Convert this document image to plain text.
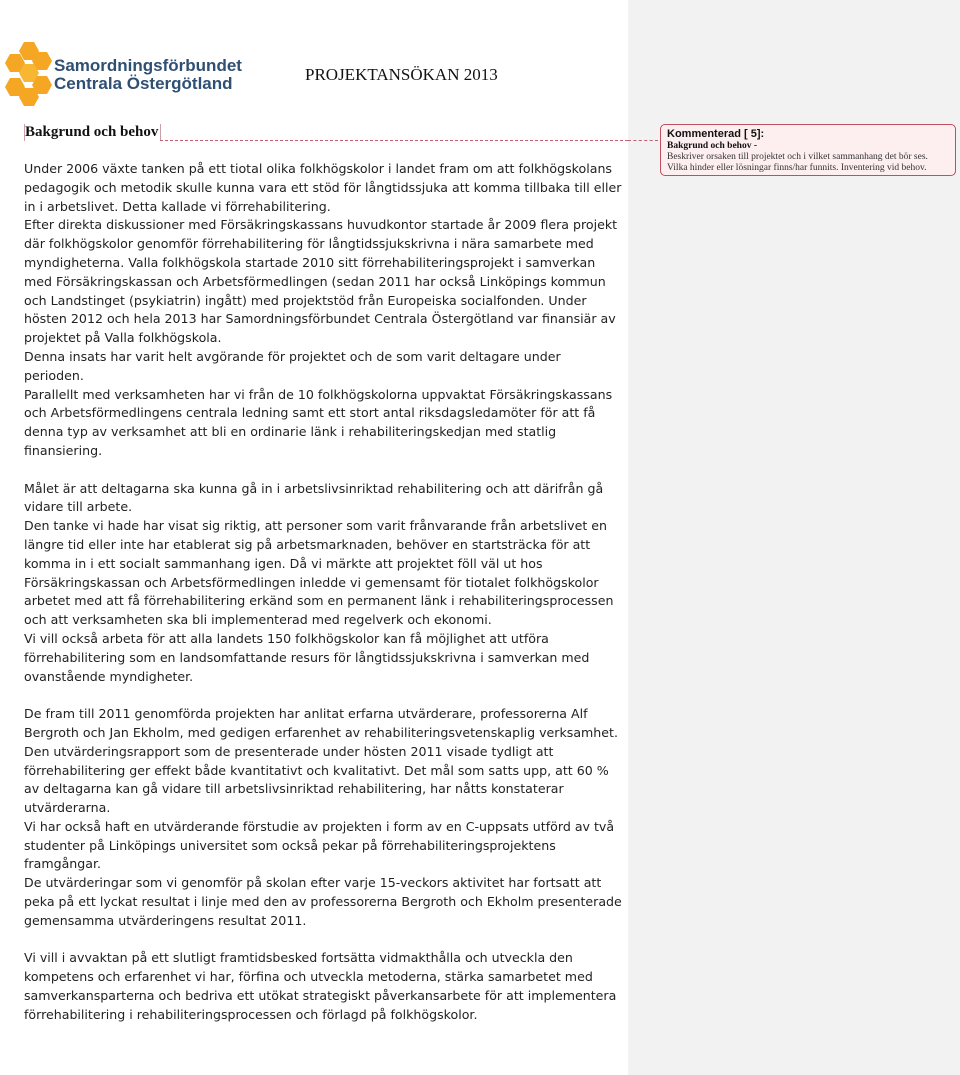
Samordningsförbundet
Centrala Östergötland	PROJEKTANSÖKAN 2013
Bakgrund och behov

Under 2006 växte tanken på ett tiotal olika folkhögskolor i landet fram om att folkhögskolans pedagogik och metodik skulle kunna vara ett stöd för långtidssjuka att komma tillbaka till eller in i arbetslivet. Detta kallade vi förrehabilitering.

Efter direkta diskussioner med Försäkringskassans huvudkontor startade år 2009 flera projekt där folkhögskolor genomför förrehabilitering för långtidssjukskrivna i nära samarbete med myndigheterna. Valla folkhögskola startade 2010 sitt förrehabiliteringsprojekt i samverkan med Försäkringskassan och Arbetsförmedlingen (sedan 2011 har också Linköpings kommun och Landstinget (psykiatrin) ingått) med projektstöd från Europeiska socialfonden. Under hösten 2012 och hela 2013 har Samordningsförbundet Centrala Östergötland var finansiär av projektet på Valla folkhögskola.

Denna insats har varit helt avgörande för projektet och de som varit deltagare under perioden.

Parallellt med verksamheten har vi från de 10 folkhögskolorna uppvaktat Försäkringskassans och Arbetsförmedlingens centrala ledning samt ett stort antal riksdagsledamöter för att få denna typ av verksamhet att bli en ordinarie länk i rehabiliteringskedjan med statlig finansiering.

Målet är att deltagarna ska kunna gå in i arbetslivsinriktad rehabilitering och att därifrån gå vidare till arbete.

Den tanke vi hade har visat sig riktig, att personer som varit frånvarande från arbetslivet en längre tid eller inte har etablerat sig på arbetsmarknaden, behöver en startsträcka för att komma in i ett socialt sammanhang igen. Då vi märkte att projektet föll väl ut hos Försäkringskassan och Arbetsförmedlingen inledde vi gemensamt för tiotalet folkhögskolor arbetet med att få förrehabilitering erkänd som en permanent länk i rehabiliteringsprocessen och att verksamheten ska bli implementerad med regelverk och ekonomi.

Vi vill också arbeta för att alla landets 150 folkhögskolor kan få möjlighet att utföra förrehabilitering som en landsomfattande resurs för långtidssjukskrivna i samverkan med ovanstående myndigheter.

De fram till 2011 genomförda projekten har anlitat erfarna utvärderare, professorerna Alf Bergroth och Jan Ekholm, med gedigen erfarenhet av rehabiliteringsvetenskaplig verksamhet. Den utvärderingsrapport som de presenterade under hösten 2011 visade tydligt att förrehabilitering ger effekt både kvantitativt och kvalitativt. Det mål som satts upp, att 60 % av deltagarna kan gå vidare till arbetslivsinriktad rehabilitering, har nåtts konstaterar utvärderarna.

Vi har också haft en utvärderande förstudie av projekten i form av en C-uppsats utförd av två studenter på Linköpings universitet som också pekar på förrehabiliteringsprojektens framgångar.

De utvärderingar som vi genomför på skolan efter varje 15-veckors aktivitet har fortsatt att peka på ett lyckat resultat i linje med den av professorerna Bergroth och Ekholm presenterade gemensamma utvärderingens resultat 2011.

Vi vill i avvaktan på ett slutligt framtidsbesked fortsätta vidmakthålla och utveckla den kompetens och erfarenhet vi har, förfina och utveckla metoderna, stärka samarbetet med samverkansparterna och bedriva ett utökat strategiskt påverkansarbete för att implementera förrehabilitering i rehabiliteringsprocessen och förlagd på folkhögskolor.

Kommenterad [ 5]:
Bakgrund och behov -
Beskriver orsaken till projektet och i vilket sammanhang det bör ses. Vilka hinder eller lösningar finns/har funnits. Inventering vid behov.
